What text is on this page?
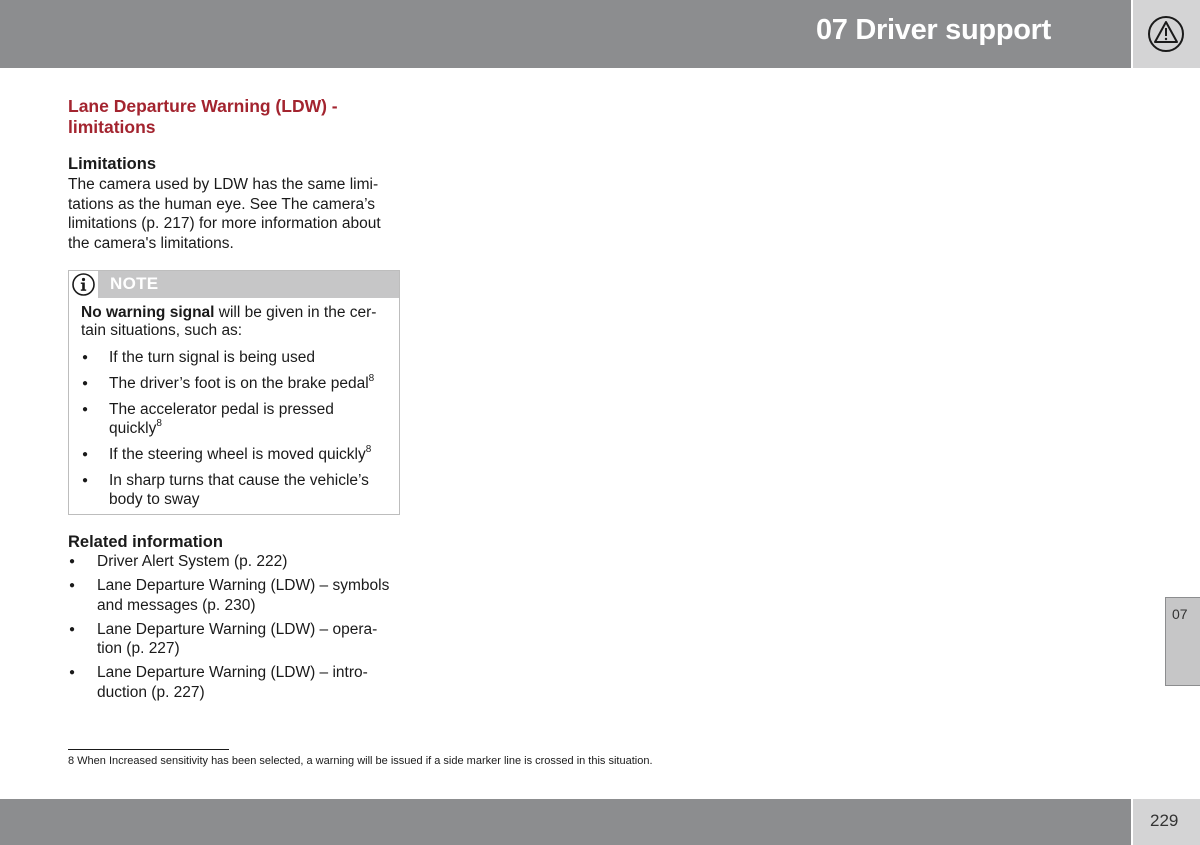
07 Driver support
Lane Departure Warning (LDW) -
limitations
Limitations
The camera used by LDW has the same limi-tations as the human eye. See The camera’s limitations (p. 217) for more information about the camera's limitations.
NOTE
No warning signal will be given in the cer-tain situations, such as:
● If the turn signal is being used
● The driver’s foot is on the brake pedal$^8$
● The accelerator pedal is pressed quickly$^8$
● If the steering wheel is moved quickly$^8$
● In sharp turns that cause the vehicle’s body to sway
Related information
● Driver Alert System (p. 222)
● Lane Departure Warning (LDW) – symbols and messages (p. 230)
● Lane Departure Warning (LDW) – opera-tion (p. 227)
● Lane Departure Warning (LDW) – intro-duction (p. 227)
8 When Increased sensitivity has been selected, a warning will be issued if a side marker line is crossed in this situation.
07
229
